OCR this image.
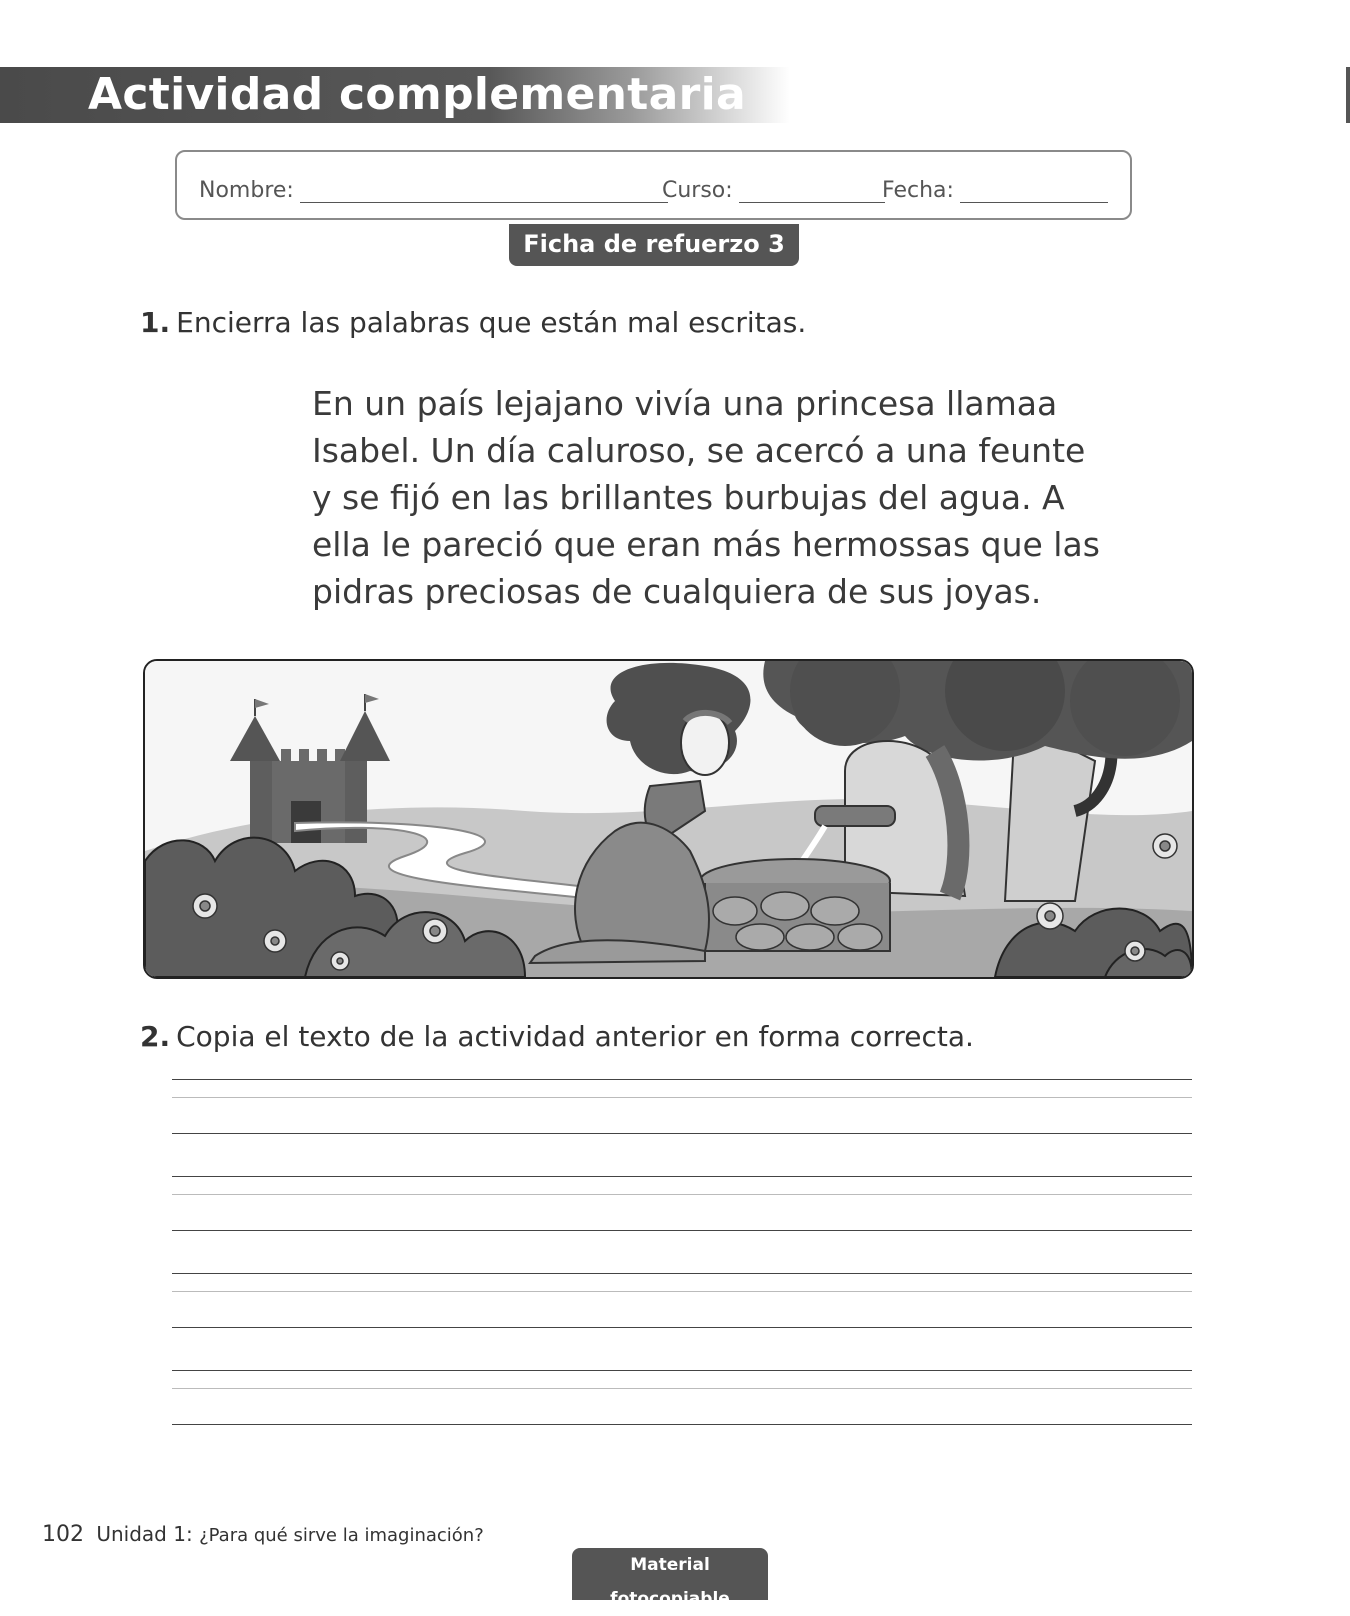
Actividad complementaria
Nombre:	Curso:	Fecha:
Ficha de refuerzo 3
1. Encierra las palabras que están mal escritas.
En un país lejajano vivía una princesa llamaa
Isabel. Un día caluroso, se acercó a una feunte
y se fijó en las brillantes burbujas del agua. A
ella le pareció que eran más hermossas que las
pidras preciosas de cualquiera de sus joyas.
2. Copia el texto de la actividad anterior en forma correcta.
102 Unidad 1: ¿Para qué sirve la imaginación?
Material fotocopiable
